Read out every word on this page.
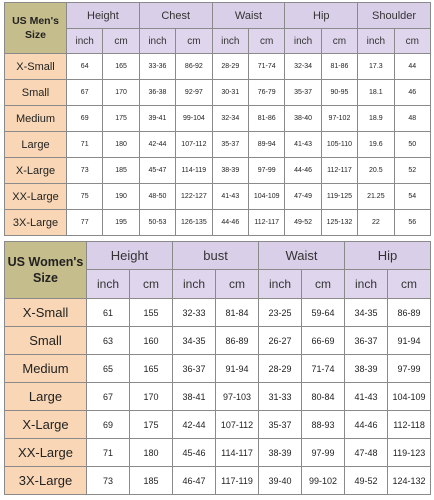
US Men's Size	Height		Chest		Waist		Hip		Shoulder	
	inch	cm	inch	cm	inch	cm	inch	cm	inch	cm
X-Small	64	165	33-36	86-92	28-29	71-74	32-34	81-86	17.3	44
Small	67	170	36-38	92-97	30-31	76-79	35-37	90-95	18.1	46
Medium	69	175	39-41	99-104	32-34	81-86	38-40	97-102	18.9	48
Large	71	180	42-44	107-112	35-37	89-94	41-43	105-110	19.6	50
X-Large	73	185	45-47	114-119	38-39	97-99	44-46	112-117	20.5	52
XX-Large	75	190	48-50	122-127	41-43	104-109	47-49	119-125	21.25	54
3X-Large	77	195	50-53	126-135	44-46	112-117	49-52	125-132	22	56
US Women's Size	Height		bust		Waist		Hip	
	inch	cm	inch	cm	inch	cm	inch	cm
X-Small	61	155	32-33	81-84	23-25	59-64	34-35	86-89
Small	63	160	34-35	86-89	26-27	66-69	36-37	91-94
Medium	65	165	36-37	91-94	28-29	71-74	38-39	97-99
Large	67	170	38-41	97-103	31-33	80-84	41-43	104-109
X-Large	69	175	42-44	107-112	35-37	88-93	44-46	112-118
XX-Large	71	180	45-46	114-117	38-39	97-99	47-48	119-123
3X-Large	73	185	46-47	117-119	39-40	99-102	49-52	124-132
